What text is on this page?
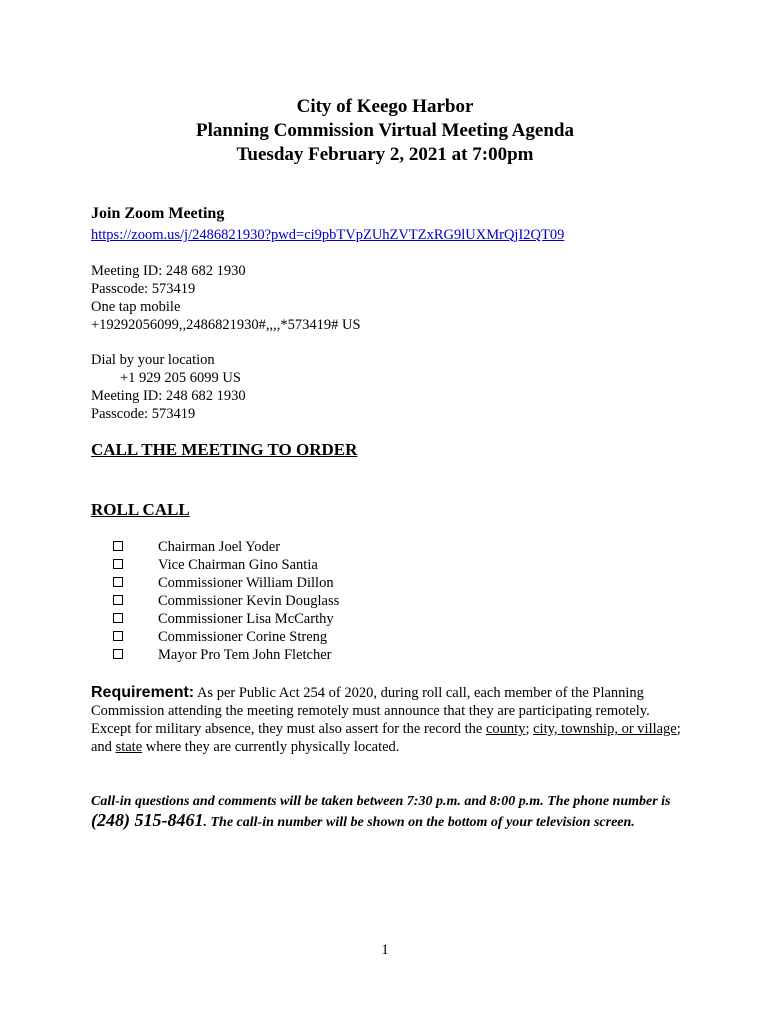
City of Keego Harbor
Planning Commission Virtual Meeting Agenda
Tuesday February 2, 2021 at 7:00pm
Join Zoom Meeting
https://zoom.us/j/2486821930?pwd=ci9pbTVpZUhZVTZxRG9lUXMrQjI2QT09
Meeting ID: 248 682 1930
Passcode: 573419
One tap mobile
+19292056099,,2486821930#,,,,*573419# US
Dial by your location
+1 929 205 6099 US
Meeting ID: 248 682 1930
Passcode: 573419
CALL THE MEETING TO ORDER
ROLL CALL
Chairman Joel Yoder
Vice Chairman Gino Santia
Commissioner William Dillon
Commissioner Kevin Douglass
Commissioner Lisa McCarthy
Commissioner Corine Streng
Mayor Pro Tem John Fletcher
Requirement: As per Public Act 254 of 2020, during roll call, each member of the Planning Commission attending the meeting remotely must announce that they are participating remotely. Except for military absence, they must also assert for the record the county; city, township, or village; and state where they are currently physically located.
Call-in questions and comments will be taken between 7:30 p.m. and 8:00 p.m. The phone number is (248) 515-8461. The call-in number will be shown on the bottom of your television screen.
1
